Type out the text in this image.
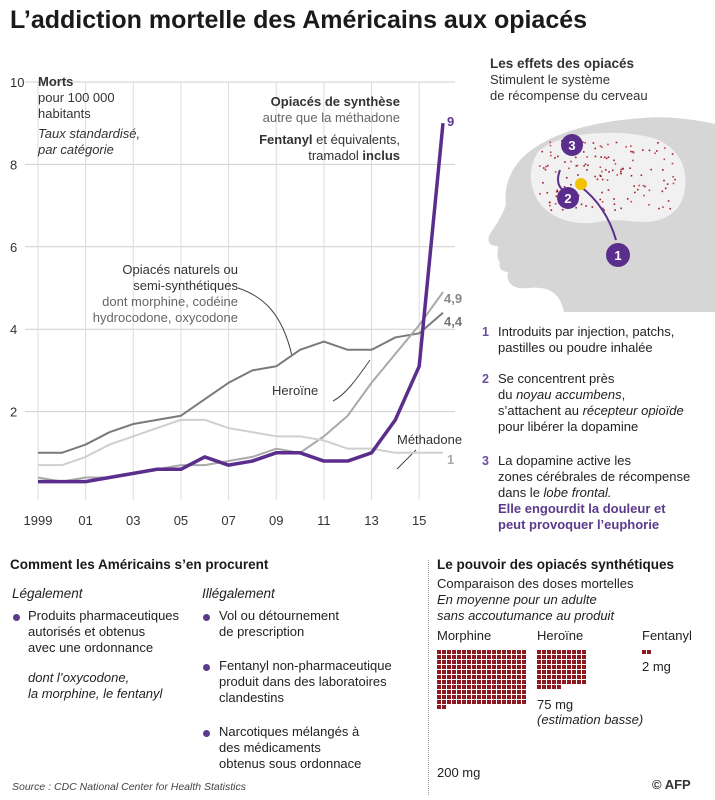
L’addiction mortelle des Américains aux opiacés
2
4
6
8
10
1999 01	03	05	07	09	11	13	15
Morts
pour 100 000
habitants
Taux standardisé,
par catégorie
Opiacés de synthèse
autre que la méthadone
Fentanyl et équivalents,
tramadol inclus
Opiacés naturels ou
semi-synthétiques
dont morphine, codéine
hydrocodone, oxycodone
Heroïne
Méthadone
9
4,9
4,4
1
Les effets des opiacés
Stimulent le système
de récompense du cerveau
1
2
3
1 Introduits par injection, patchs,
pastilles ou poudre inhalée
2 Se concentrent près
du noyau accumbens,
s’attachent au récepteur opioïde
pour libérer la dopamine
3 La dopamine active les
zones cérébrales de récompense
dans le lobe frontal.
Elle engourdit la douleur et
peut provoquer l’euphorie
Comment les Américains s’en procurent
Légalement	Illégalement
Produits pharmaceutiques
autorisés et obtenus
avec une ordonnance
dont l’oxycodone,
la morphine, le fentanyl
Vol ou détournement
de prescription
Fentanyl non-pharmaceutique
produit dans des laboratoires
clandestins
Narcotiques mélangés à
des médicaments
obtenus sous ordonnace
Le pouvoir des opiacés synthétiques
Comparaison des doses mortelles
En moyenne pour un adulte
sans accoutumance au produit
Morphine	Heroïne	Fentanyl
200 mg
75 mg
(estimation basse)
2 mg
Source : CDC National Center for Health Statistics	© AFP
